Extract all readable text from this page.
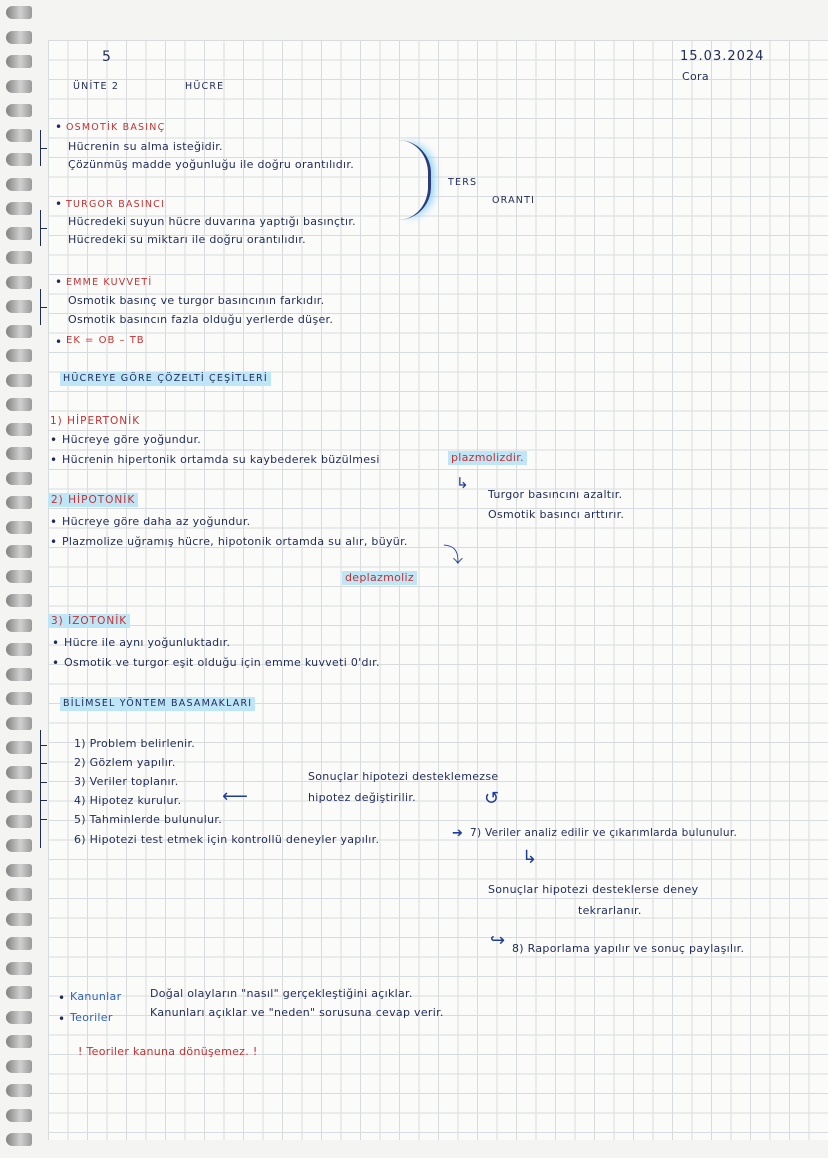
5
ÜNİTE 2	HÜCRE
15.03.2024
Cora
• OSMOTİK BASINÇ
Hücrenin su alma isteğidir.
Çözünmüş madde yoğunluğu ile doğru orantılıdır.
TERS
ORANTI
• TURGOR BASINCI
Hücredeki suyun hücre duvarına yaptığı basınçtır.
Hücredeki su miktarı ile doğru orantılıdır.
• EMME KUVVETİ
Osmotik basınç ve turgor basıncının farkıdır.
Osmotik basıncın fazla olduğu yerlerde düşer.
• EK = OB – TB
HÜCREYE GÖRE ÇÖZELTİ ÇEŞİTLERİ
1) HİPERTONİK
• Hücreye göre yoğundur.
• Hücrenin hipertonik ortamda su kaybederek büzülmesi	plazmolizdir.
↳
Turgor basıncını azaltır.
Osmotik basıncı arttırır.
2) HİPOTONİK
• Hücreye göre daha az yoğundur.
• Plazmolize uğramış hücre, hipotonik ortamda su alır, büyür.
⤵
deplazmoliz
3) İZOTONİK
• Hücre ile aynı yoğunluktadır.
• Osmotik ve turgor eşit olduğu için emme kuvveti 0'dır.
BİLİMSEL YÖNTEM BASAMAKLARI
1) Problem belirlenir.
2) Gözlem yapılır.
3) Veriler toplanır.
4) Hipotez kurulur.
5) Tahminlerde bulunulur.
6) Hipotezi test etmek için kontrollü deneyler yapılır.
⟵
Sonuçlar hipotezi desteklemezse
hipotez değiştirilir.	↺
➔ 7) Veriler analiz edilir ve çıkarımlarda bulunulur.
↳
Sonuçlar hipotezi desteklerse deney
tekrarlanır.
↪ 8) Raporlama yapılır ve sonuç paylaşılır.
• Kanunlar	Doğal olayların "nasıl" gerçekleştiğini açıklar.
• Teoriler	Kanunları açıklar ve "neden" sorusuna cevap verir.
! Teoriler kanuna dönüşemez. !
